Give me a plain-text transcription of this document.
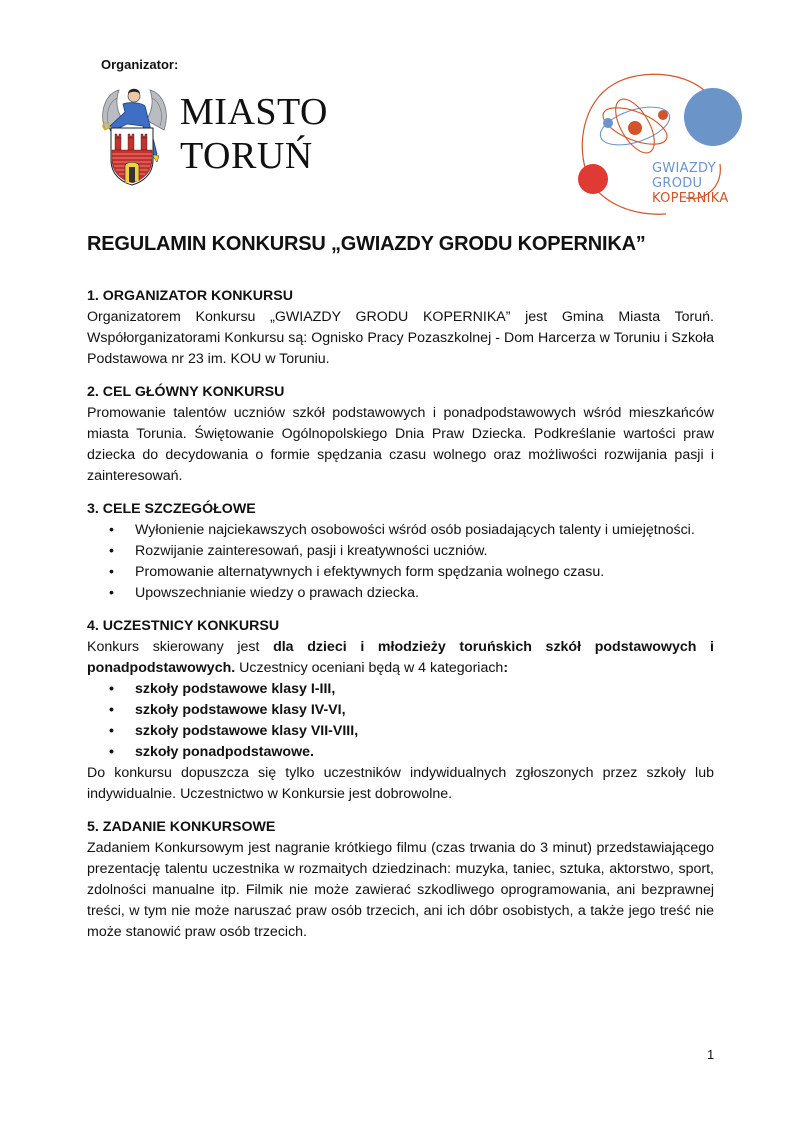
Organizator:
MIASTO
TORUŃ	GWIAZDY
GRODU
KOPERNIKA
REGULAMIN KONKURSU „GWIAZDY GRODU KOPERNIKA”
1. ORGANIZATOR KONKURSU

Organizatorem Konkursu „GWIAZDY GRODU KOPERNIKA” jest Gmina Miasta Toruń. Współorganizatorami Konkursu są: Ognisko Pracy Pozaszkolnej - Dom Harcerza w Toruniu i Szkoła Podstawowa nr 23 im. KOU w Toruniu.

2. CEL GŁÓWNY KONKURSU

Promowanie talentów uczniów szkół podstawowych i ponadpodstawowych wśród mieszkańców miasta Torunia. Świętowanie Ogólnopolskiego Dnia Praw Dziecka. Podkreślanie wartości praw dziecka do decydowania o formie spędzania czasu wolnego oraz możliwości rozwijania pasji i zainteresowań.

3. CELE SZCZEGÓŁOWE
• Wyłonienie najciekawszych osobowości wśród osób posiadających talenty i umiejętności.
• Rozwijanie zainteresowań, pasji i kreatywności uczniów.
• Promowanie alternatywnych i efektywnych form spędzania wolnego czasu.
• Upowszechnianie wiedzy o prawach dziecka.
4. UCZESTNICY KONKURSU

Konkurs skierowany jest dla dzieci i młodzieży toruńskich szkół podstawowych i ponadpodstawowych. Uczestnicy oceniani będą w 4 kategoriach:

• szkoły podstawowe klasy I-III,
• szkoły podstawowe klasy IV-VI,
• szkoły podstawowe klasy VII-VIII,
• szkoły ponadpodstawowe.

Do konkursu dopuszcza się tylko uczestników indywidualnych zgłoszonych przez szkoły lub indywidualnie. Uczestnictwo w Konkursie jest dobrowolne.

5. ZADANIE KONKURSOWE

Zadaniem Konkursowym jest nagranie krótkiego filmu (czas trwania do 3 minut) przedstawiającego prezentację talentu uczestnika w rozmaitych dziedzinach: muzyka, taniec, sztuka, aktorstwo, sport, zdolności manualne itp. Filmik nie może zawierać szkodliwego oprogramowania, ani bezprawnej treści, w tym nie może naruszać praw osób trzecich, ani ich dóbr osobistych, a także jego treść nie może stanowić praw osób trzecich.

1
